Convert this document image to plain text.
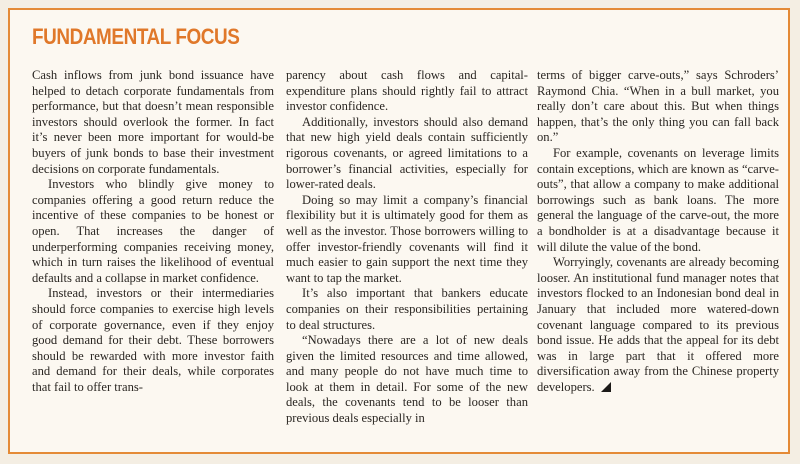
FUNDAMENTAL FOCUS

Cash inflows from junk bond issuance have helped to detach corporate fundamentals from performance, but that doesn’t mean responsible investors should overlook the former. In fact it’s never been more important for would-be buyers of junk bonds to base their investment decisions on corporate fundamentals.

Investors who blindly give money to companies offering a good return reduce the incentive of these companies to be honest or open. That increases the danger of underperforming companies receiving money, which in turn raises the likelihood of eventual defaults and a collapse in market confidence.

Instead, investors or their intermediaries should force companies to exercise high levels of corporate governance, even if they enjoy good demand for their debt. These borrowers should be rewarded with more investor faith and demand for their deals, while corporates that fail to offer trans-

parency about cash flows and capital-expenditure plans should rightly fail to attract investor confidence.

Additionally, investors should also demand that new high yield deals contain sufficiently rigorous covenants, or agreed limitations to a borrower’s financial activities, especially for lower-rated deals.

Doing so may limit a company’s financial flexibility but it is ultimately good for them as well as the investor. Those borrowers willing to offer investor-friendly covenants will find it much easier to gain support the next time they want to tap the market.

It’s also important that bankers educate companies on their responsibilities pertaining to deal structures.

“Nowadays there are a lot of new deals given the limited resources and time allowed, and many people do not have much time to look at them in detail. For some of the new deals, the covenants tend to be looser than previous deals especially in

terms of bigger carve-outs,” says Schroders’ Raymond Chia. “When in a bull market, you really don’t care about this. But when things happen, that’s the only thing you can fall back on.”

For example, covenants on leverage limits contain exceptions, which are known as “carve-outs”, that allow a company to make additional borrowings such as bank loans. The more general the language of the carve-out, the more a bondholder is at a disadvantage because it will dilute the value of the bond.

Worryingly, covenants are already becoming looser. An institutional fund manager notes that investors flocked to an Indonesian bond deal in January that included more watered-down covenant language compared to its previous bond issue. He adds that the appeal for its debt was in large part that it offered more diversification away from the Chinese property developers.
